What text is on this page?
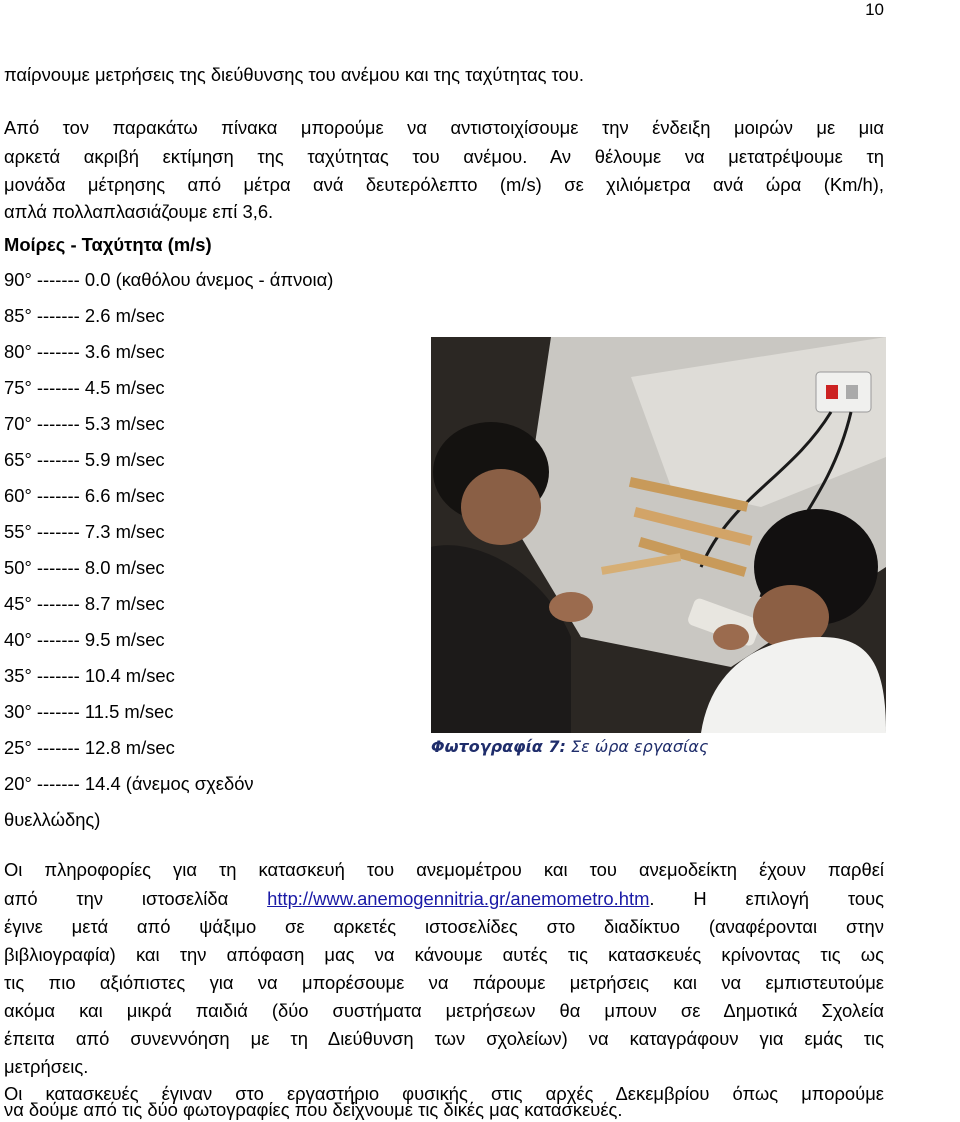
10
παίρνουμε μετρήσεις της διεύθυνσης του ανέμου και της ταχύτητας του.
Από τον παρακάτω πίνακα μπορούμε να αντιστοιχίσουμε την ένδειξη μοιρών με μια
αρκετά ακριβή εκτίμηση της ταχύτητας του ανέμου. Αν θέλουμε να μετατρέψουμε τη
μονάδα μέτρησης από μέτρα ανά δευτερόλεπτο (m/s) σε χιλιόμετρα ανά ώρα (Km/h),
απλά πολλαπλασιάζουμε επί 3,6.
Μοίρες - Ταχύτητα (m/s)
90° ------- 0.0 (καθόλου άνεμος - άπνοια)
85° ------- 2.6 m/sec
80° ------- 3.6 m/sec
75° ------- 4.5 m/sec
70° ------- 5.3 m/sec
65° ------- 5.9 m/sec
60° ------- 6.6 m/sec
55° ------- 7.3 m/sec
50° ------- 8.0 m/sec
45° ------- 8.7 m/sec
40° ------- 9.5 m/sec
35° ------- 10.4 m/sec
30° ------- 11.5 m/sec
25° ------- 12.8 m/sec
20° ------- 14.4 (άνεμος σχεδόν
θυελλώδης)
Φωτογραφία 7: Σε ώρα εργασίας
Οι πληροφορίες για τη κατασκευή του ανεμομέτρου και του ανεμοδείκτη έχουν παρθεί
από την ιστοσελίδα http://www.anemogennitria.gr/anemometro.htm. Η επιλογή τους
έγινε μετά από ψάξιμο σε αρκετές ιστοσελίδες στο διαδίκτυο (αναφέρονται στην
βιβλιογραφία) και την απόφαση μας να κάνουμε αυτές τις κατασκευές κρίνοντας τις ως
τις πιο αξιόπιστες για να μπορέσουμε να πάρουμε μετρήσεις και να εμπιστευτούμε
ακόμα και μικρά παιδιά (δύο συστήματα μετρήσεων θα μπουν σε Δημοτικά Σχολεία
έπειτα από συνεννόηση με τη Διεύθυνση των σχολείων) να καταγράφουν για εμάς τις
μετρήσεις.
Οι κατασκευές έγιναν στο εργαστήριο φυσικής στις αρχές Δεκεμβρίου όπως μπορούμε
να δούμε από τις δύο φωτογραφίες που δείχνουμε τις δικές μας κατασκευές.
